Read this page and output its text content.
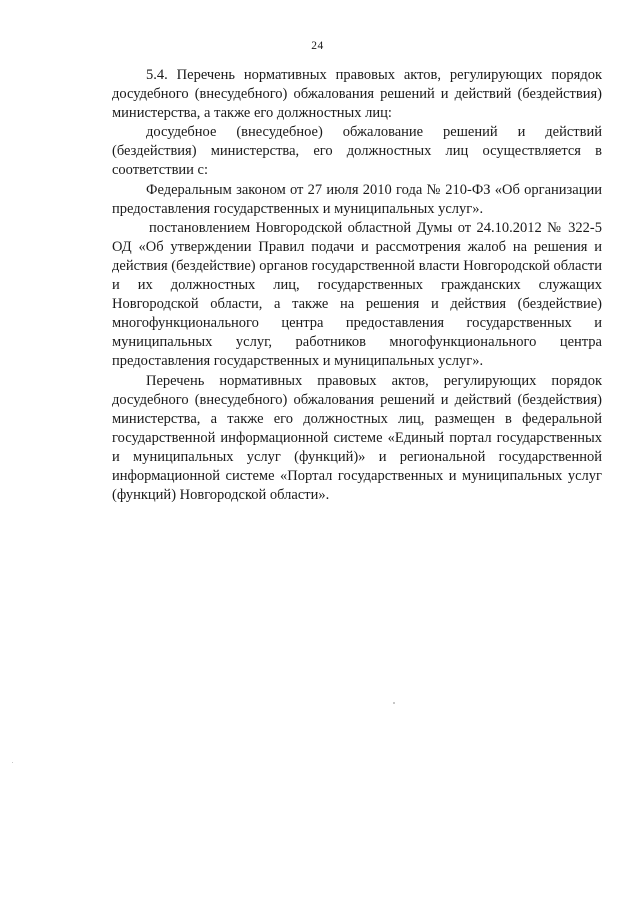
24

5.4. Перечень нормативных правовых актов, регулирующих порядок досудебного (внесудебного) обжалования решений и действий (бездействия) министерства, а также его должностных лиц:

досудебное (внесудебное) обжалование решений и действий (бездействия) министерства, его должностных лиц осуществляется в соответствии с:

Федеральным законом от 27 июля 2010 года № 210-ФЗ «Об организации предоставления государственных и муниципальных услуг».

постановлением Новгородской областной Думы от 24.10.2012 № 322-5 ОД «Об утверждении Правил подачи и рассмотрения жалоб на решения и действия (бездействие) органов государственной власти Новгородской области и их должностных лиц, государственных гражданских служащих Новгородской области, а также на решения и действия (бездействие) многофункционального центра предоставления государственных и муниципальных услуг, работников многофункционального центра предоставления государственных и муниципальных услуг».

Перечень нормативных правовых актов, регулирующих порядок досудебного (внесудебного) обжалования решений и действий (бездействия) министерства, а также его должностных лиц, размещен в федеральной государственной информационной системе «Единый портал государственных и муниципальных услуг (функций)» и региональной государственной информационной системе «Портал государственных и муниципальных услуг (функций) Новгородской области».
